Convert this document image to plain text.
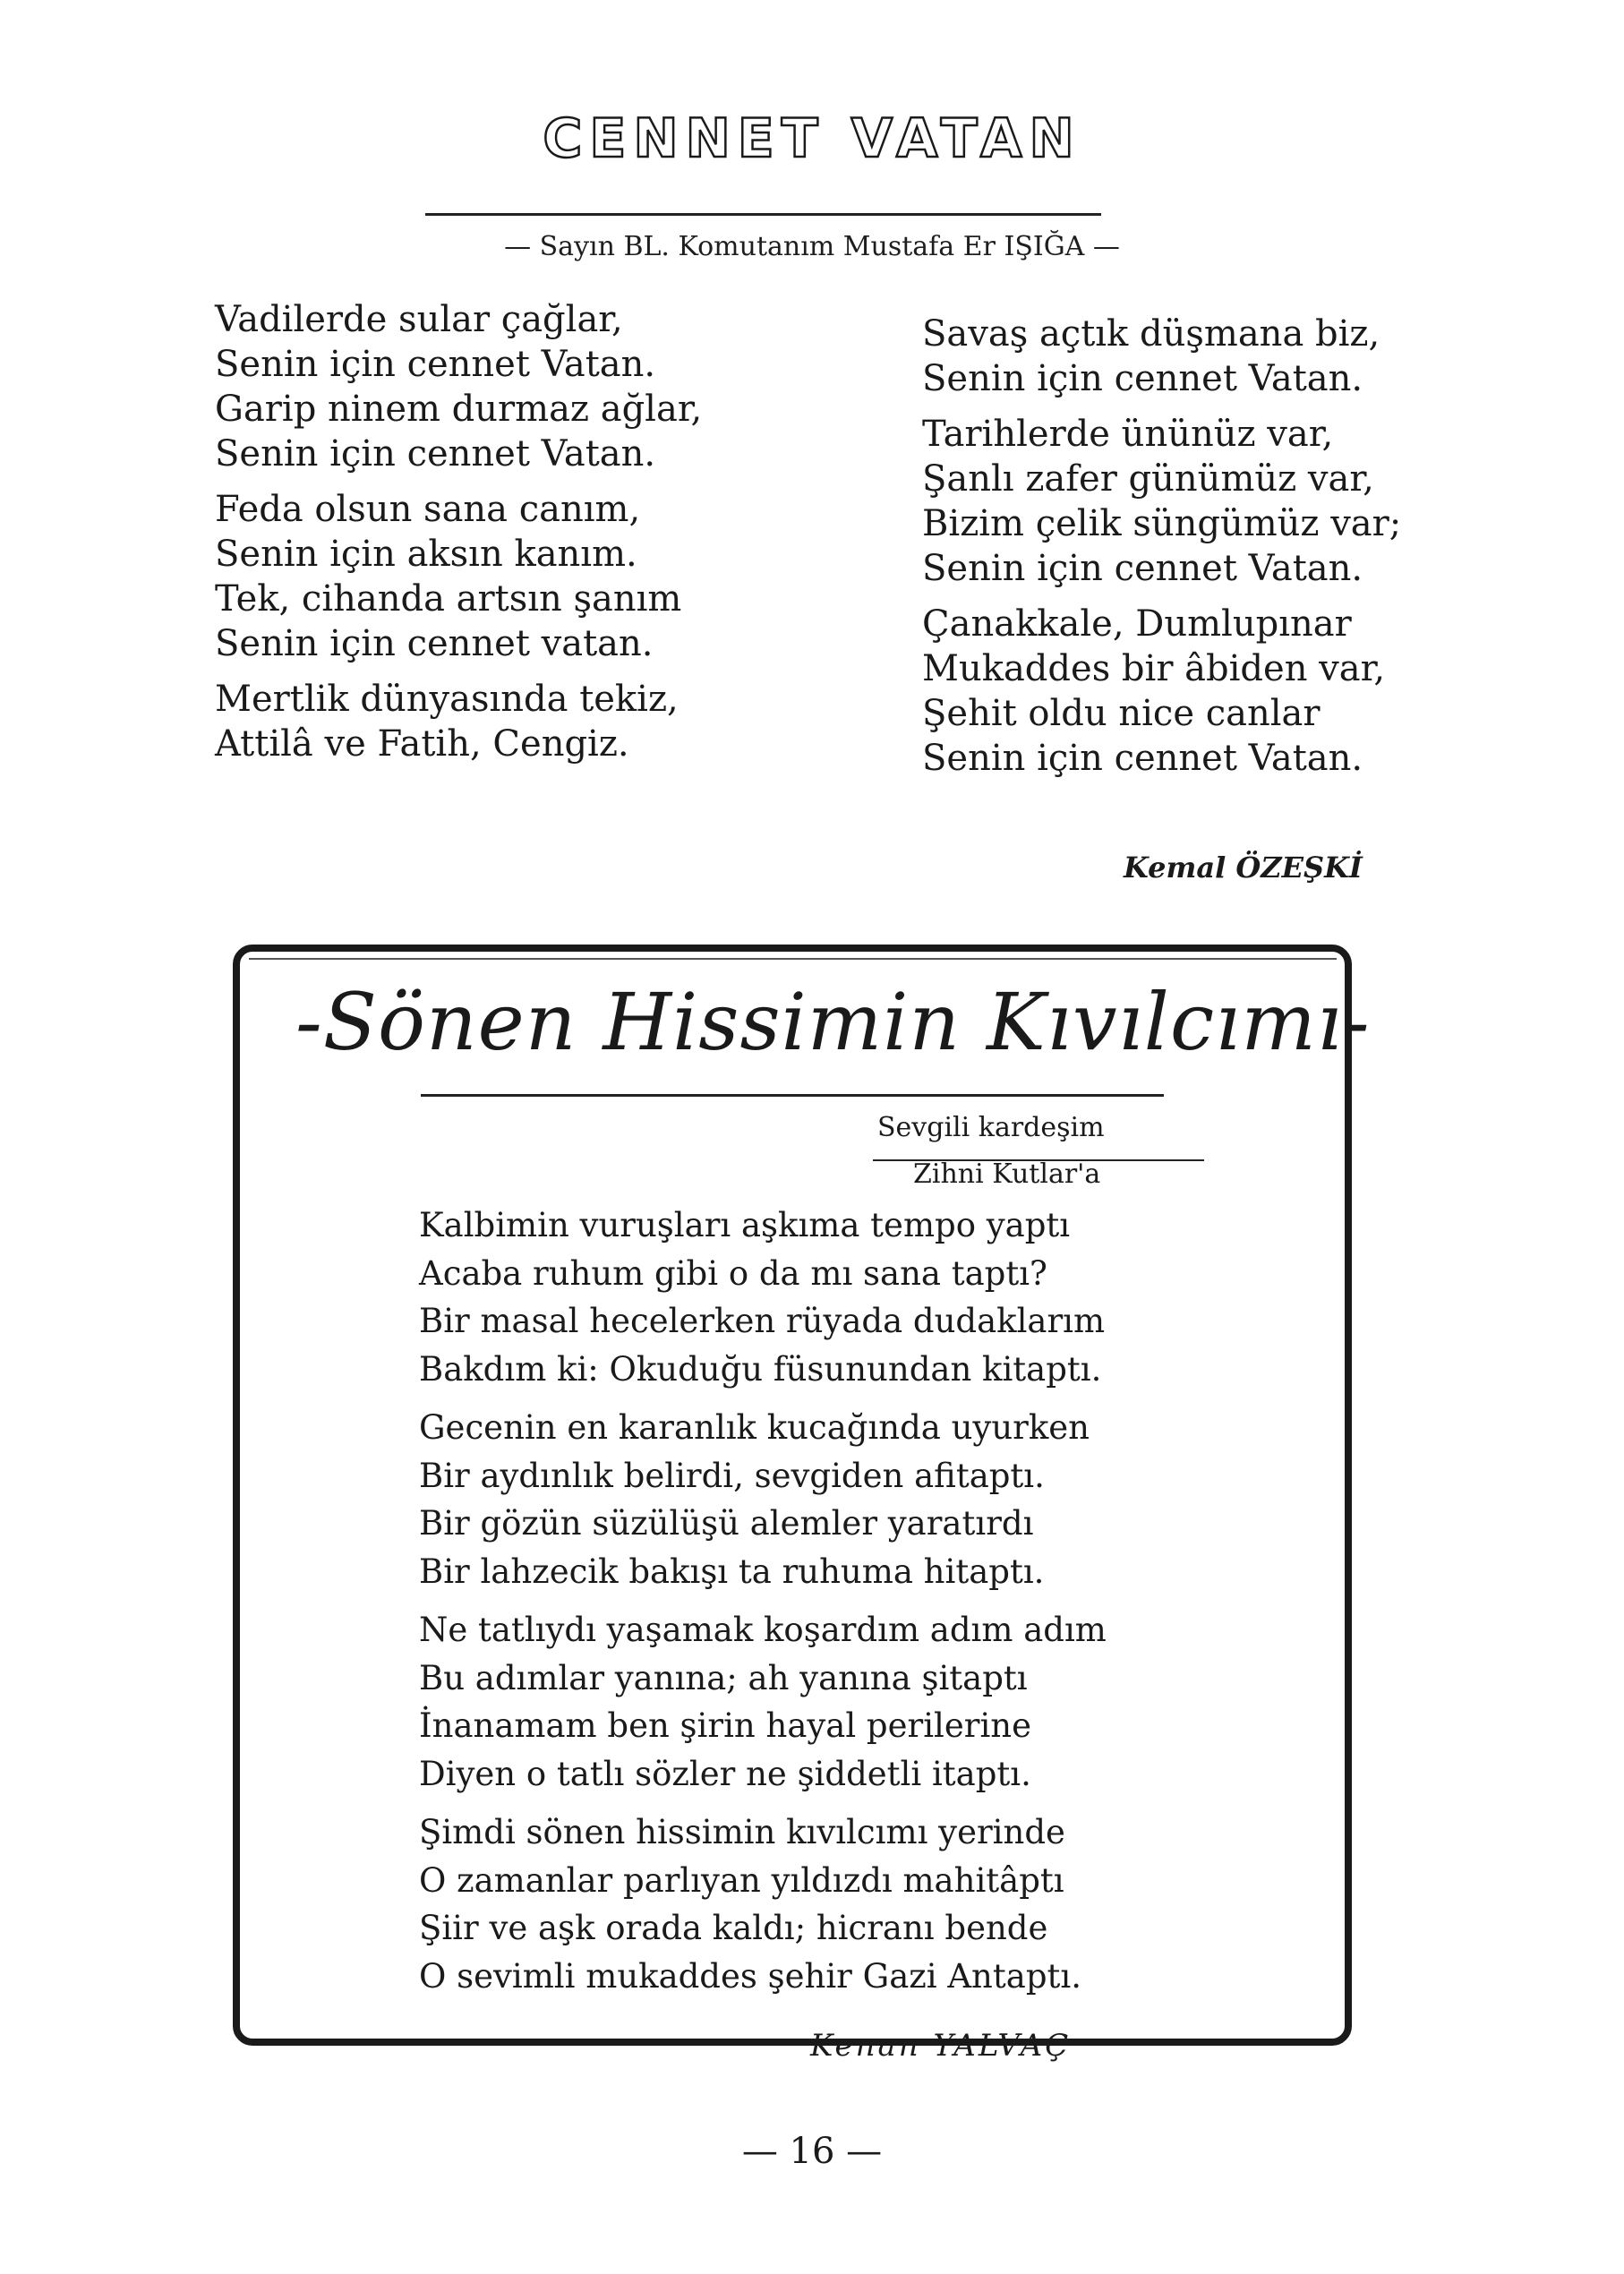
CENNET VATAN
— Sayın BL. Komutanım Mustafa Er IŞIĞA —
Vadilerde sular çağlar,
Senin için cennet Vatan.
Garip ninem durmaz ağlar,
Senin için cennet Vatan.
Feda olsun sana canım,
Senin için aksın kanım.
Tek, cihanda artsın şanım
Senin için cennet vatan.
Mertlik dünyasında tekiz,
Attilâ ve Fatih, Cengiz.
Savaş açtık düşmana biz,
Senin için cennet Vatan.
Tarihlerde ününüz var,
Şanlı zafer günümüz var,
Bizim çelik süngümüz var;
Senin için cennet Vatan.
Çanakkale, Dumlupınar
Mukaddes bir âbiden var,
Şehit oldu nice canlar
Senin için cennet Vatan.
Kemal ÖZEŞKİ
-Sönen Hissimin Kıvılcımı-
Sevgili kardeşim
Zihni Kutlar'a
Kalbimin vuruşları aşkıma tempo yaptı
Acaba ruhum gibi o da mı sana taptı?
Bir masal hecelerken rüyada dudaklarım
Bakdım ki: Okuduğu füsunundan kitaptı.
Gecenin en karanlık kucağında uyurken
Bir aydınlık belirdi, sevgiden afitaptı.
Bir gözün süzülüşü alemler yaratırdı
Bir lahzecik bakışı ta ruhuma hitaptı.
Ne tatlıydı yaşamak koşardım adım adım
Bu adımlar yanına; ah yanına şitaptı
İnanamam ben şirin hayal perilerine
Diyen o tatlı sözler ne şiddetli itaptı.
Şimdi sönen hissimin kıvılcımı yerinde
O zamanlar parlıyan yıldızdı mahitâptı
Şiir ve aşk orada kaldı; hicranı bende
O sevimli mukaddes şehir Gazi Antaptı.
Kenan YALVAÇ
— 16 —
